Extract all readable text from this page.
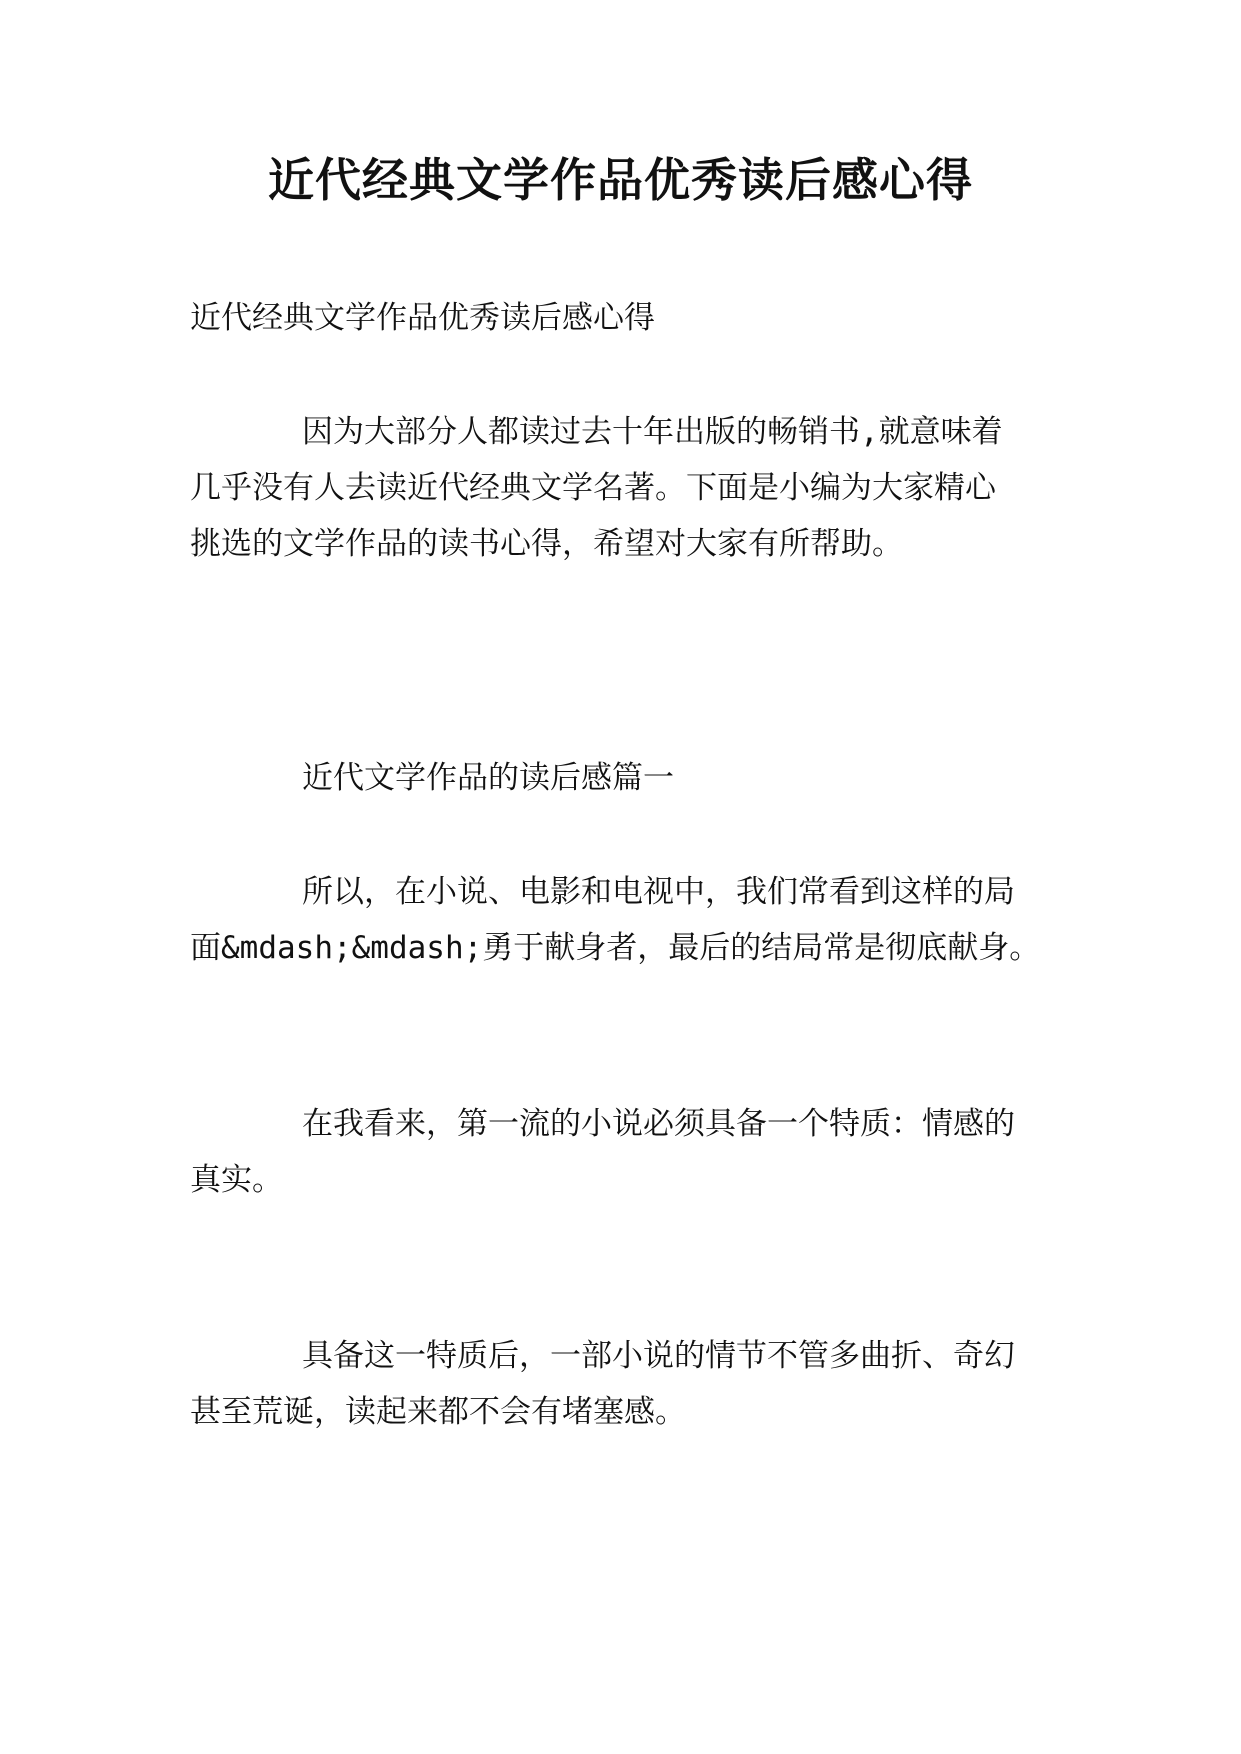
近代经典文学作品优秀读后感心得
近代经典文学作品优秀读后感心得
因为大部分人都读过去十年出版的畅销书,就意味着
几乎没有人去读近代经典文学名著。下面是小编为大家精心
挑选的文学作品的读书心得，希望对大家有所帮助。
近代文学作品的读后感篇一
所以，在小说、电影和电视中，我们常看到这样的局
面&mdash;&mdash;勇于献身者，最后的结局常是彻底献身。
在我看来，第一流的小说必须具备一个特质：情感的
真实。
具备这一特质后，一部小说的情节不管多曲折、奇幻
甚至荒诞，读起来都不会有堵塞感。
